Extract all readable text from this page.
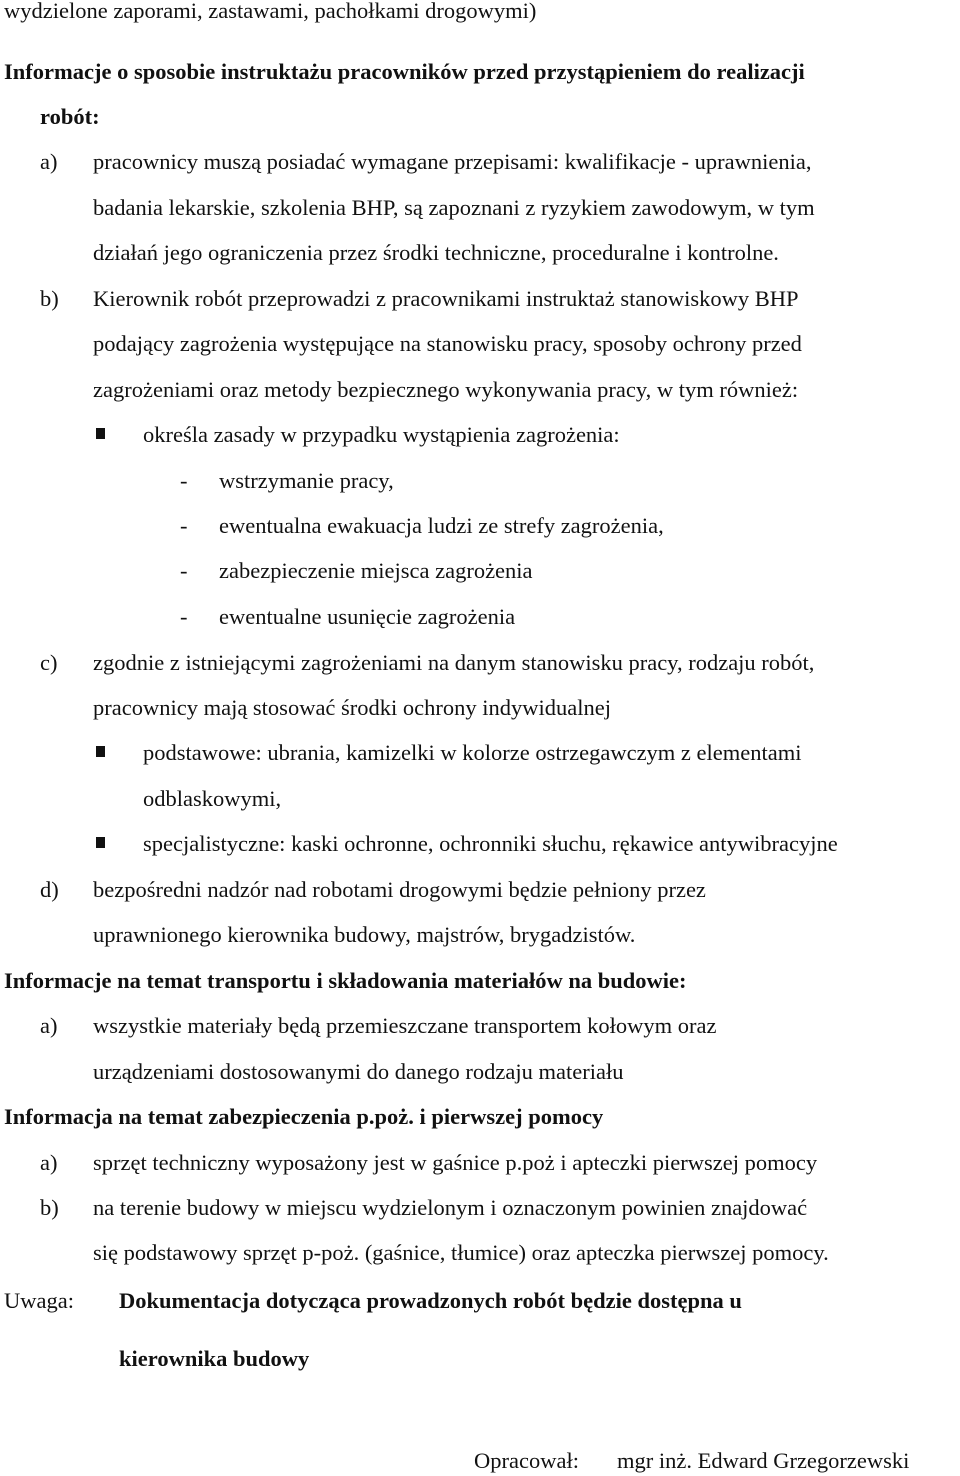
wydzielone zaporami, zastawami, pachołkami drogowymi)
Informacje o sposobie instruktażu pracowników przed przystąpieniem do realizacji
robót:
a) pracownicy muszą posiadać wymagane przepisami: kwalifikacje - uprawnienia,
badania lekarskie, szkolenia BHP, są zapoznani z ryzykiem zawodowym, w tym
działań jego ograniczenia przez środki techniczne, proceduralne i kontrolne.
b) Kierownik robót przeprowadzi z pracownikami instruktaż stanowiskowy BHP
podający zagrożenia występujące na stanowisku pracy, sposoby ochrony przed
zagrożeniami oraz metody bezpiecznego wykonywania pracy, w tym również:
określa zasady w przypadku wystąpienia zagrożenia:
- wstrzymanie pracy,
- ewentualna ewakuacja ludzi ze strefy zagrożenia,
- zabezpieczenie miejsca zagrożenia
- ewentualne usunięcie zagrożenia
c) zgodnie z istniejącymi zagrożeniami na danym stanowisku pracy, rodzaju robót,
pracownicy mają stosować środki ochrony indywidualnej
podstawowe: ubrania, kamizelki w kolorze ostrzegawczym z elementami
odblaskowymi,
specjalistyczne: kaski ochronne, ochronniki słuchu, rękawice antywibracyjne
d) bezpośredni nadzór nad robotami drogowymi będzie pełniony przez
uprawnionego kierownika budowy, majstrów, brygadzistów.
Informacje na temat transportu i składowania materiałów na budowie:
a) wszystkie materiały będą przemieszczane transportem kołowym oraz
urządzeniami dostosowanymi do danego rodzaju materiału
Informacja na temat zabezpieczenia p.poż. i pierwszej pomocy
a) sprzęt techniczny wyposażony jest w gaśnice p.poż i apteczki pierwszej pomocy
b) na terenie budowy w miejscu wydzielonym i oznaczonym powinien znajdować
się podstawowy sprzęt p-poż. (gaśnice, tłumice) oraz apteczka pierwszej pomocy.
Uwaga: Dokumentacja dotycząca prowadzonych robót będzie dostępna u
kierownika budowy
Opracował: mgr inż. Edward Grzegorzewski
